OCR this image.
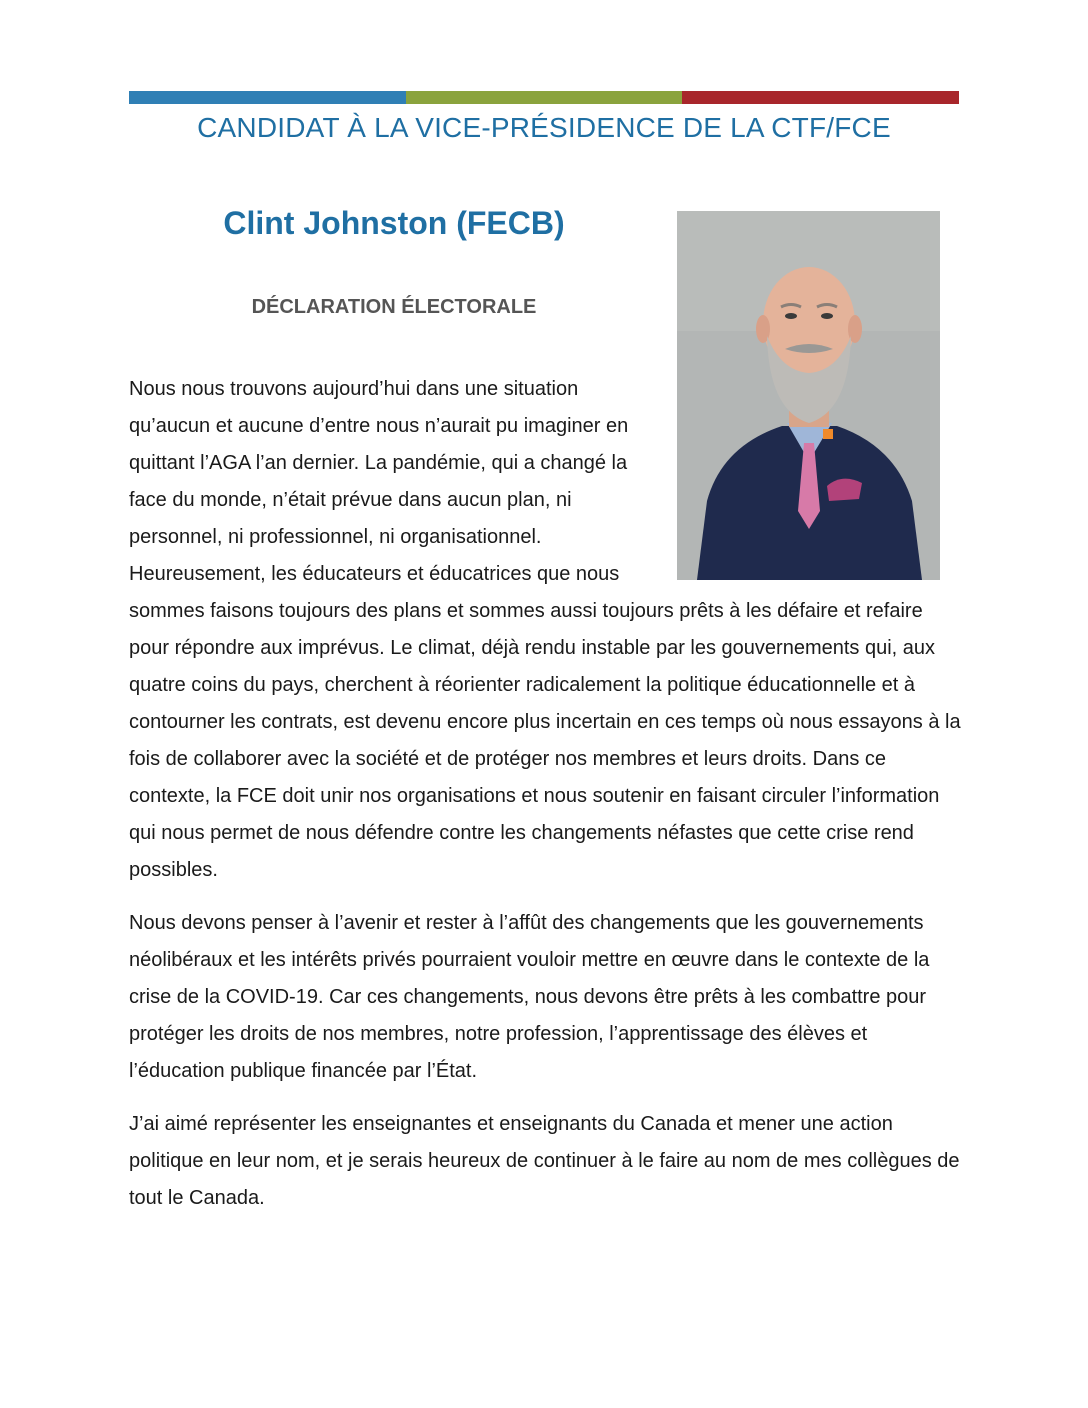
CANDIDAT À LA VICE-PRÉSIDENCE DE LA CTF/FCE
Clint Johnston (FECB)
DÉCLARATION ÉLECTORALE

Nous nous trouvons aujourd’hui dans une situation qu’aucun et aucune d’entre nous n’aurait pu imaginer en quittant l’AGA l’an dernier. La pandémie, qui a changé la face du monde, n’était prévue dans aucun plan, ni personnel, ni professionnel, ni organisationnel. Heureusement, les éducateurs et éducatrices que nous sommes faisons toujours des plans et sommes aussi toujours prêts à les défaire et refaire pour répondre aux imprévus. Le climat, déjà rendu instable par les gouvernements qui, aux quatre coins du pays, cherchent à réorienter radicalement la politique éducationnelle et à contourner les contrats, est devenu encore plus incertain en ces temps où nous essayons à la fois de collaborer avec la société et de protéger nos membres et leurs droits. Dans ce contexte, la FCE doit unir nos organisations et nous soutenir en faisant circuler l’information qui nous permet de nous défendre contre les changements néfastes que cette crise rend possibles.

Nous devons penser à l’avenir et rester à l’affût des changements que les gouvernements néolibéraux et les intérêts privés pourraient vouloir mettre en œuvre dans le contexte de la crise de la COVID-19. Car ces changements, nous devons être prêts à les combattre pour protéger les droits de nos membres, notre profession, l’apprentissage des élèves et l’éducation publique financée par l’État.

J’ai aimé représenter les enseignantes et enseignants du Canada et mener une action politique en leur nom, et je serais heureux de continuer à le faire au nom de mes collègues de tout le Canada.
